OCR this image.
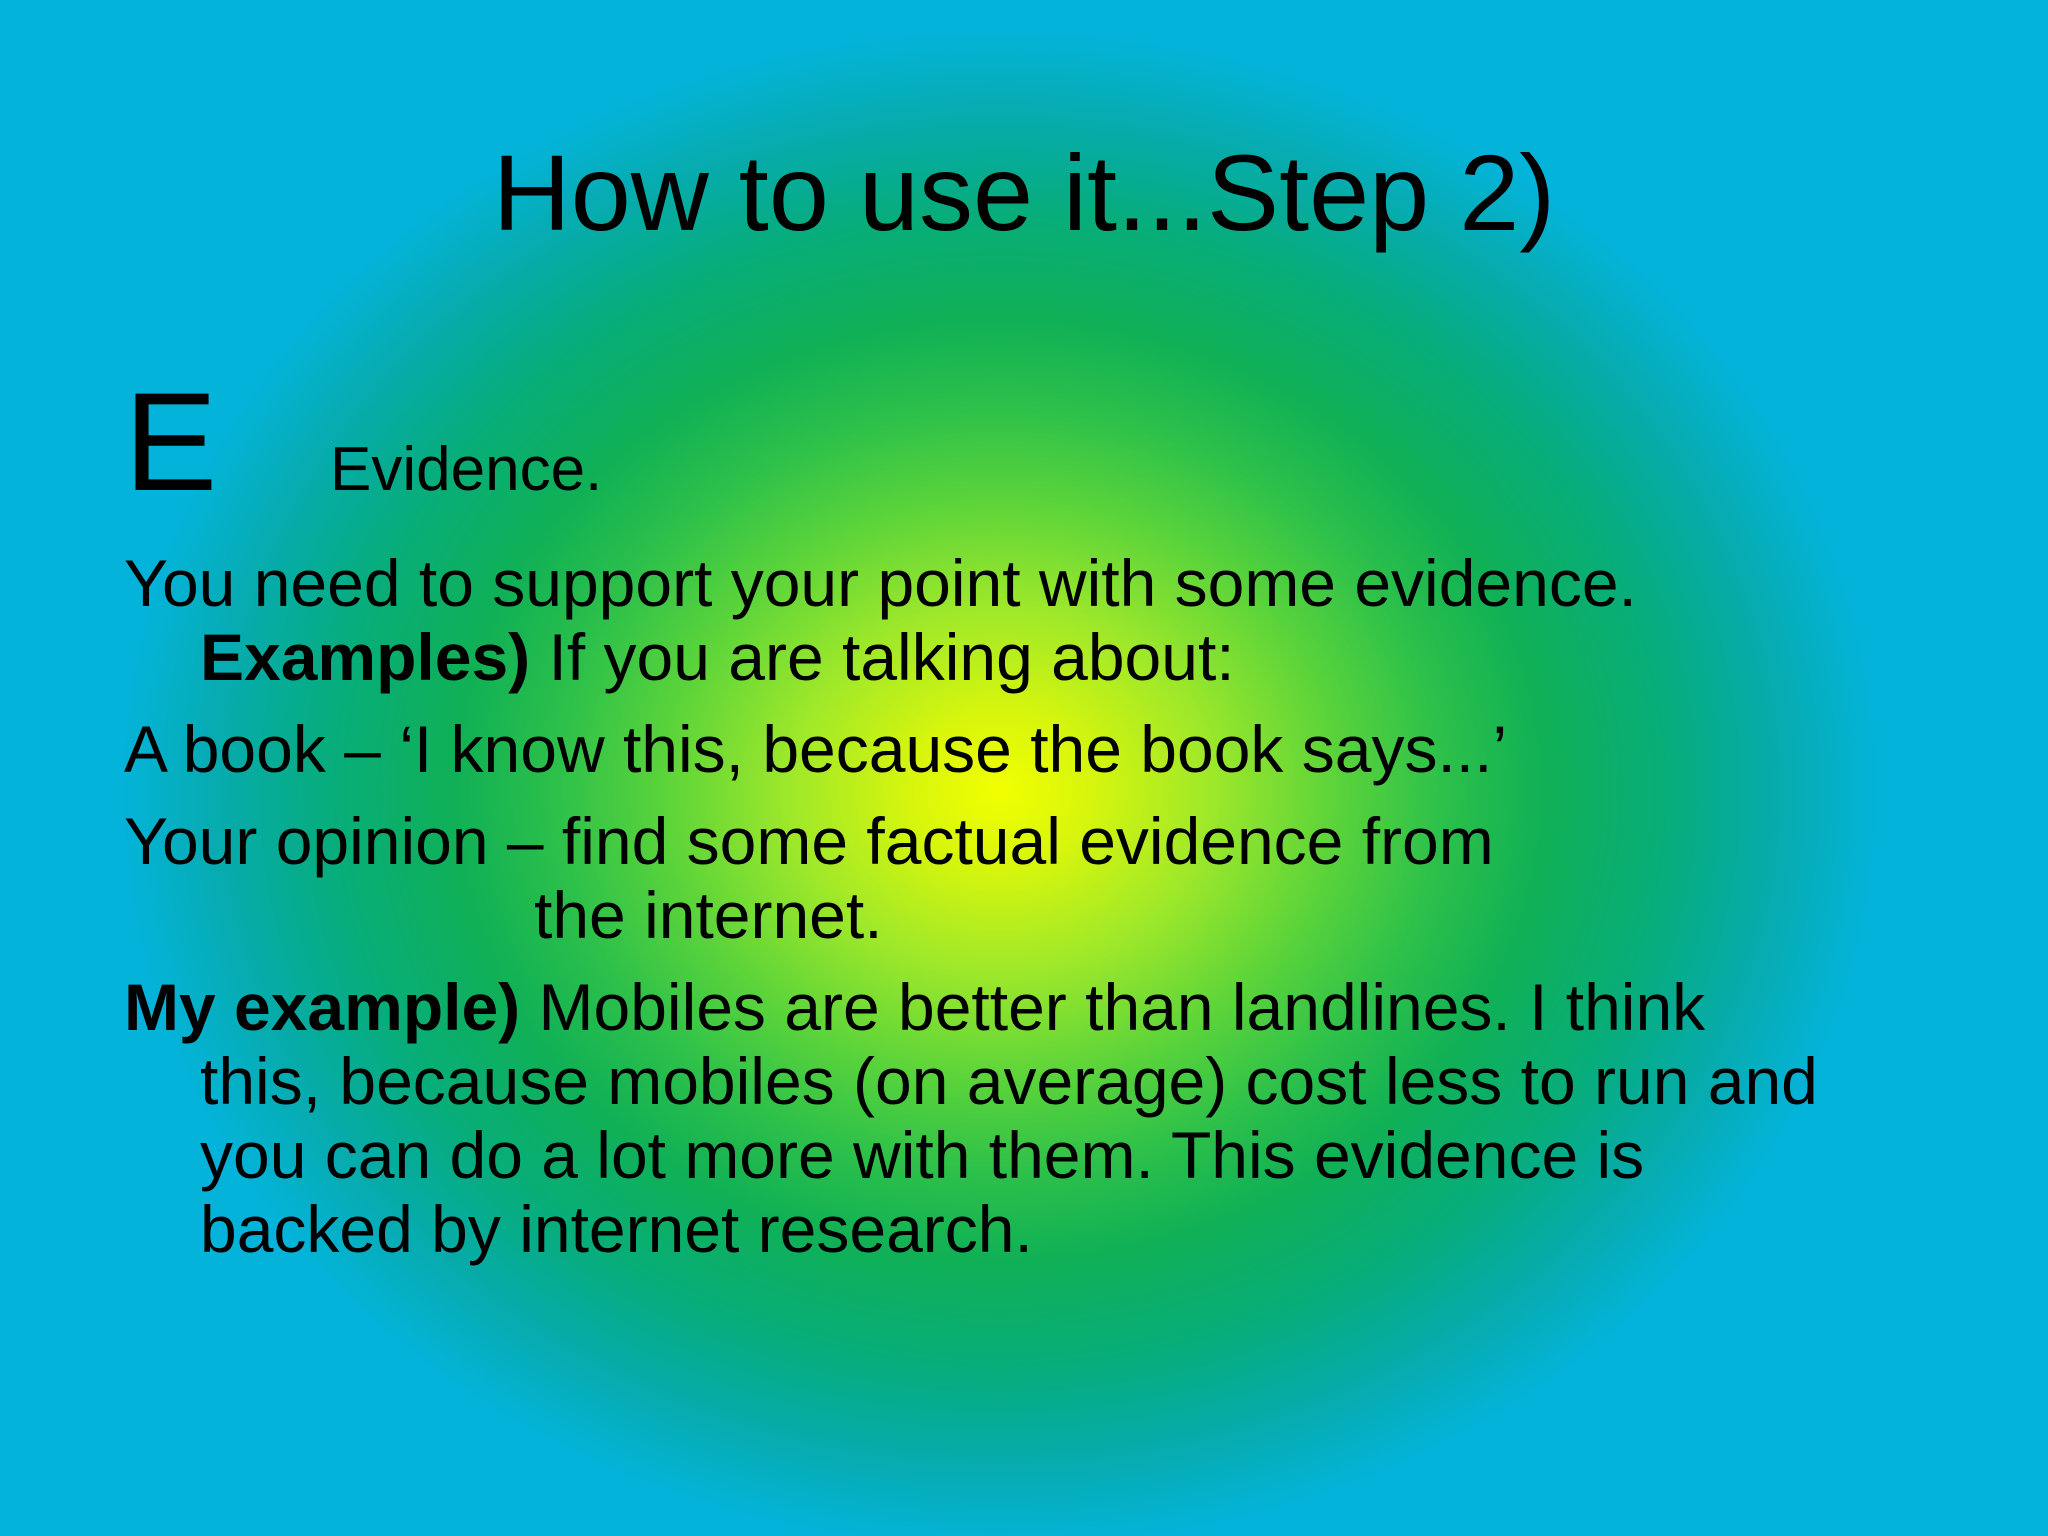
How to use it...Step 2)
E Evidence.
You need to support your point with some evidence.
Examples) If you are talking about:
A book – ‘I know this, because the book says...’
Your opinion – find some factual evidence from
the internet.
My example) Mobiles are better than landlines. I think
this, because mobiles (on average) cost less to run and
you can do a lot more with them. This evidence is
backed by internet research.
